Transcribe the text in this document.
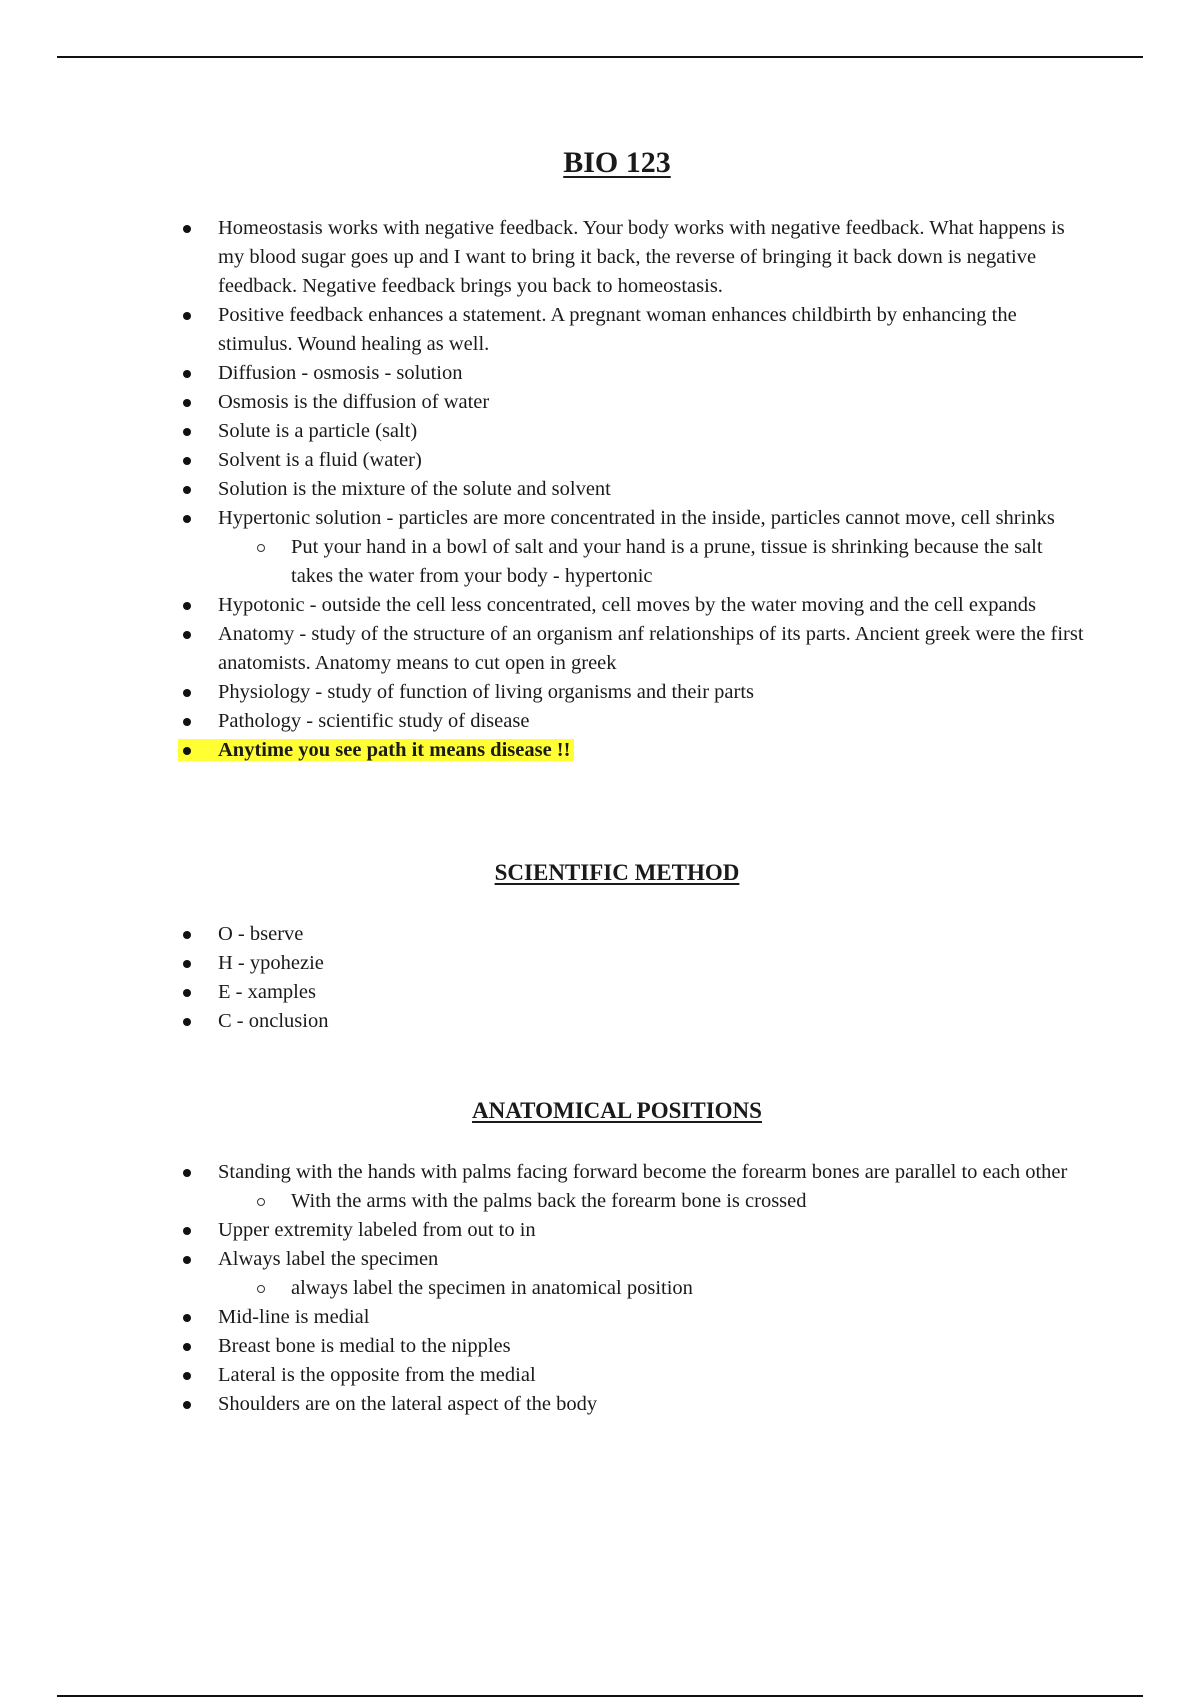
BIO 123
Homeostasis works with negative feedback. Your body works with negative feedback. What happens is my blood sugar goes up and I want to bring it back, the reverse of bringing it back down is negative feedback. Negative feedback brings you back to homeostasis.
Positive feedback enhances a statement. A pregnant woman enhances childbirth by enhancing the stimulus. Wound healing as well.
Diffusion - osmosis - solution
Osmosis is the diffusion of water
Solute is a particle (salt)
Solvent is a fluid (water)
Solution is the mixture of the solute and solvent
Hypertonic solution - particles are more concentrated in the inside, particles cannot move, cell shrinks
Put your hand in a bowl of salt and your hand is a prune, tissue is shrinking because the salt takes the water from your body - hypertonic
Hypotonic - outside the cell less concentrated, cell moves by the water moving and the cell expands
Anatomy - study of the structure of an organism anf relationships of its parts. Ancient greek were the first anatomists. Anatomy means to cut open in greek
Physiology - study of function of living organisms and their parts
Pathology - scientific study of disease
Anytime you see path it means disease !!
SCIENTIFIC METHOD
O - bserve
H - ypohezie
E - xamples
C - onclusion
ANATOMICAL POSITIONS
Standing with the hands with palms facing forward become the forearm bones are parallel to each other
With the arms with the palms back the forearm bone is crossed
Upper extremity labeled from out to in
Always label the specimen
always label the specimen in anatomical position
Mid-line is medial
Breast bone is medial to the nipples
Lateral is the opposite from the medial
Shoulders are on the lateral aspect of the body
